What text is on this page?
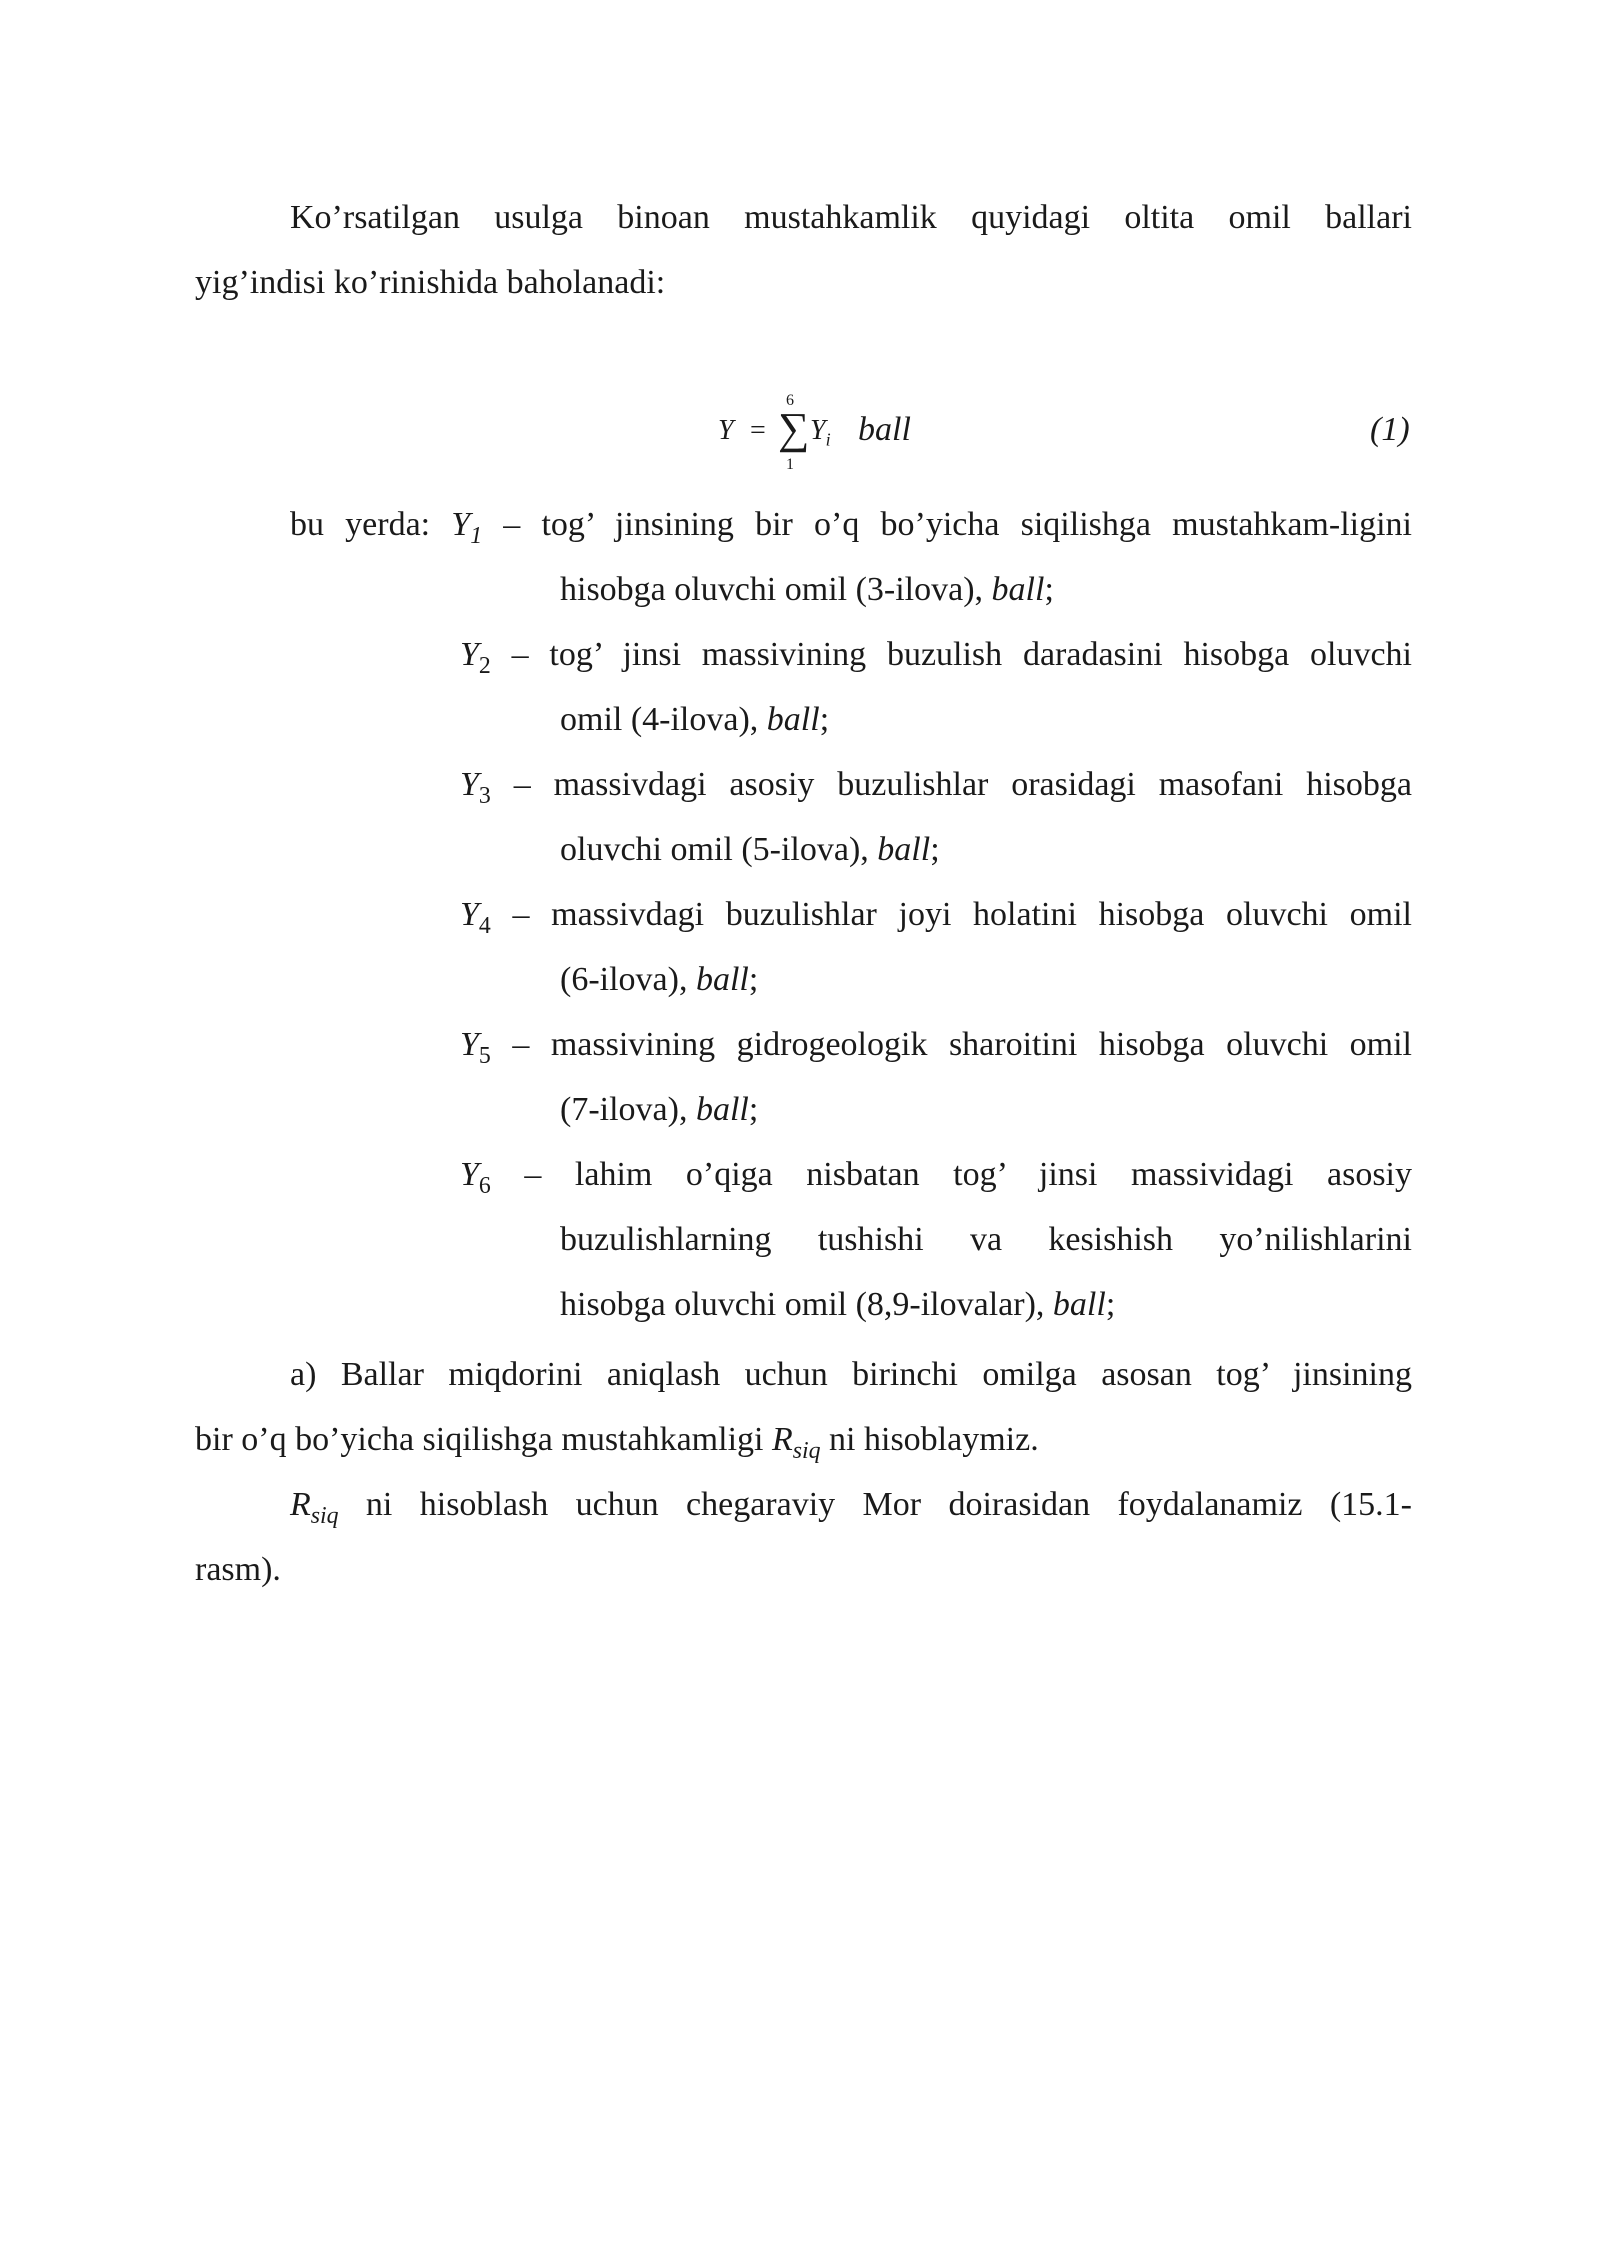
Ko’rsatilgan usulga binoan mustahkamlik quyidagi oltita omil ballari
yig’indisi ko’rinishida baholanadi:
Y =
6
∑
1
$Y_i$ ball	(1)
bu yerda: $Y_1$ – tog’ jinsining bir o’q bo’yicha siqilishga mustahkam-ligini
hisobga oluvchi omil (3-ilova), ball;
$Y_2$ – tog’ jinsi massivining buzulish daradasini hisobga oluvchi
omil (4-ilova), ball;
$Y_3$ – massivdagi asosiy buzulishlar orasidagi masofani hisobga
oluvchi omil (5-ilova), ball;
$Y_4$ – massivdagi buzulishlar joyi holatini hisobga oluvchi omil
(6-ilova), ball;
$Y_5$ – massivining gidrogeologik sharoitini hisobga oluvchi omil
(7-ilova), ball;
$Y_6$ – lahim o’qiga nisbatan tog’ jinsi massividagi asosiy
buzulishlarning tushishi va kesishish yo’nilishlarini
hisobga oluvchi omil (8,9-ilovalar), ball;
a) Ballar miqdorini aniqlash uchun birinchi omilga asosan tog’ jinsining
bir o’q bo’yicha siqilishga mustahkamligi $R_{siq}$ ni hisoblaymiz.
$R_{siq}$ ni hisoblash uchun chegaraviy Mor doirasidan foydalanamiz (15.1-
rasm).
